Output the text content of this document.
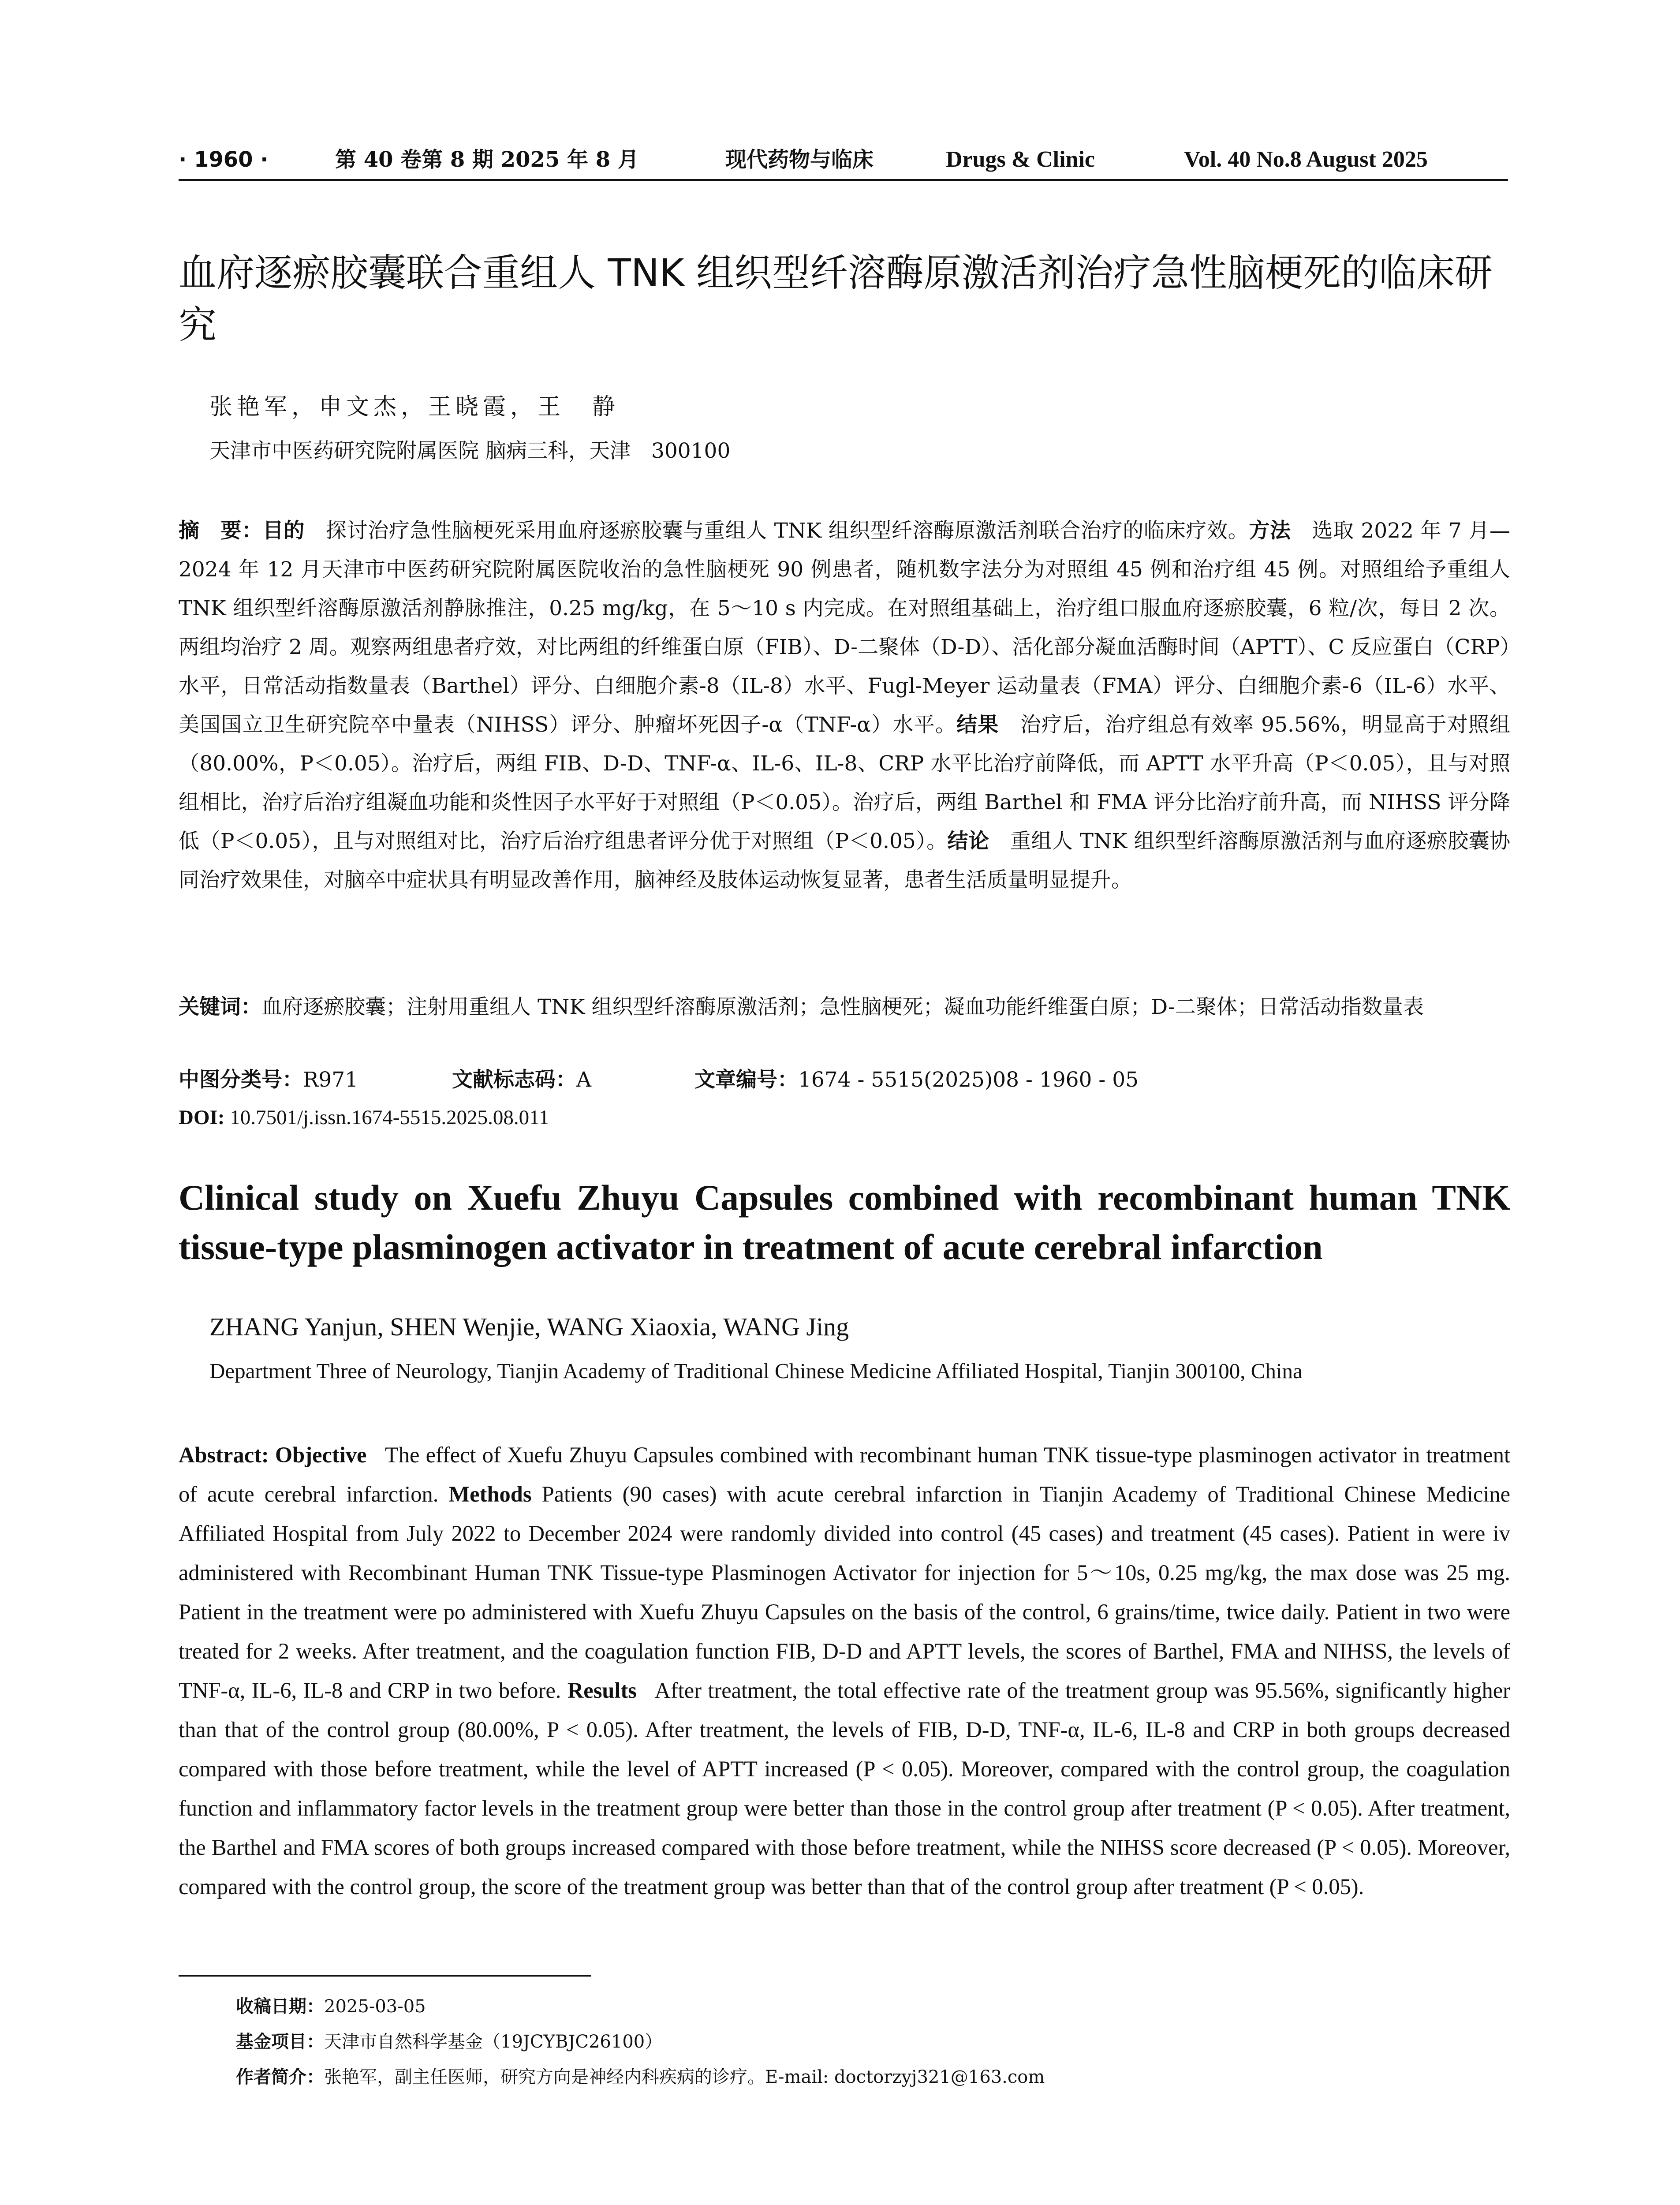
· 1960 ·	第 40 卷第 8 期 2025 年 8 月	现代药物与临床	Drugs & Clinic	Vol. 40 No.8 August 2025
血府逐瘀胶囊联合重组人 TNK 组织型纤溶酶原激活剂治疗急性脑梗死的临床研究

张艳军，申文杰，王晓霞，王　静

天津市中医药研究院附属医院 脑病三科，天津　300100

摘　要：目的　 探讨治疗急性脑梗死采用血府逐瘀胶囊与重组人 TNK 组织型纤溶酶原激活剂联合治疗的临床疗效。方法　 选取 2022 年 7 月—2024 年 12 月天津市中医药研究院附属医院收治的急性脑梗死 90 例患者，随机数字法分为对照组 45 例和治疗组 45 例。对照组给予重组人 TNK 组织型纤溶酶原激活剂静脉推注，0.25 mg/kg，在 5～10 s 内完成。在对照组基础上，治疗组口服血府逐瘀胶囊，6 粒/次，每日 2 次。两组均治疗 2 周。观察两组患者疗效，对比两组的纤维蛋白原（FIB）、D-二聚体（D-D）、活化部分凝血活酶时间（APTT）、C 反应蛋白（CRP）水平，日常活动指数量表（Barthel）评分、白细胞介素-8（IL-8）水平、Fugl-Meyer 运动量表（FMA）评分、白细胞介素-6（IL-6）水平、美国国立卫生研究院卒中量表（NIHSS）评分、肿瘤坏死因子-α（TNF-α）水平。结果　 治疗后，治疗组总有效率 95.56%，明显高于对照组（80.00%，P＜0.05）。治疗后，两组 FIB、D-D、TNF-α、IL-6、IL-8、CRP 水平比治疗前降低，而 APTT 水平升高（P＜0.05），且与对照组相比，治疗后治疗组凝血功能和炎性因子水平好于对照组（P＜0.05）。治疗后，两组 Barthel 和 FMA 评分比治疗前升高，而 NIHSS 评分降低（P＜0.05），且与对照组对比，治疗后治疗组患者评分优于对照组（P＜0.05）。结论　 重组人 TNK 组织型纤溶酶原激活剂与血府逐瘀胶囊协同治疗效果佳，对脑卒中症状具有明显改善作用，脑神经及肢体运动恢复显著，患者生活质量明显提升。

关键词：血府逐瘀胶囊；注射用重组人 TNK 组织型纤溶酶原激活剂；急性脑梗死；凝血功能纤维蛋白原；D-二聚体；日常活动指数量表

中图分类号：R971	文献标志码：A	文章编号：1674 - 5515(2025)08 - 1960 - 05

DOI: 10.7501/j.issn.1674-5515.2025.08.011

Clinical study on Xuefu Zhuyu Capsules combined with recombinant human TNK tissue-type plasminogen activator in treatment of acute cerebral infarction

ZHANG Yanjun, SHEN Wenjie, WANG Xiaoxia, WANG Jing

Department Three of Neurology, Tianjin Academy of Traditional Chinese Medicine Affiliated Hospital, Tianjin 300100, China

Abstract: Objective The effect of Xuefu Zhuyu Capsules combined with recombinant human TNK tissue-type plasminogen activator in treatment of acute cerebral infarction. Methods Patients (90 cases) with acute cerebral infarction in Tianjin Academy of Traditional Chinese Medicine Affiliated Hospital from July 2022 to December 2024 were randomly divided into control (45 cases) and treatment (45 cases). Patient in were iv administered with Recombinant Human TNK Tissue-type Plasminogen Activator for injection for 5～10s, 0.25 mg/kg, the max dose was 25 mg. Patient in the treatment were po administered with Xuefu Zhuyu Capsules on the basis of the control, 6 grains/time, twice daily. Patient in two were treated for 2 weeks. After treatment, and the coagulation function FIB, D-D and APTT levels, the scores of Barthel, FMA and NIHSS, the levels of TNF-α, IL-6, IL-8 and CRP in two before. Results After treatment, the total effective rate of the treatment group was 95.56%, significantly higher than that of the control group (80.00%, P < 0.05). After treatment, the levels of FIB, D-D, TNF-α, IL-6, IL-8 and CRP in both groups decreased compared with those before treatment, while the level of APTT increased (P < 0.05). Moreover, compared with the control group, the coagulation function and inflammatory factor levels in the treatment group were better than those in the control group after treatment (P < 0.05). After treatment, the Barthel and FMA scores of both groups increased compared with those before treatment, while the NIHSS score decreased (P < 0.05). Moreover, compared with the control group, the score of the treatment group was better than that of the control group after treatment (P < 0.05).

收稿日期：2025-03-05

基金项目：天津市自然科学基金（19JCYBJC26100）

作者简介：张艳军，副主任医师，研究方向是神经内科疾病的诊疗。E-mail: doctorzyj321@163.com
